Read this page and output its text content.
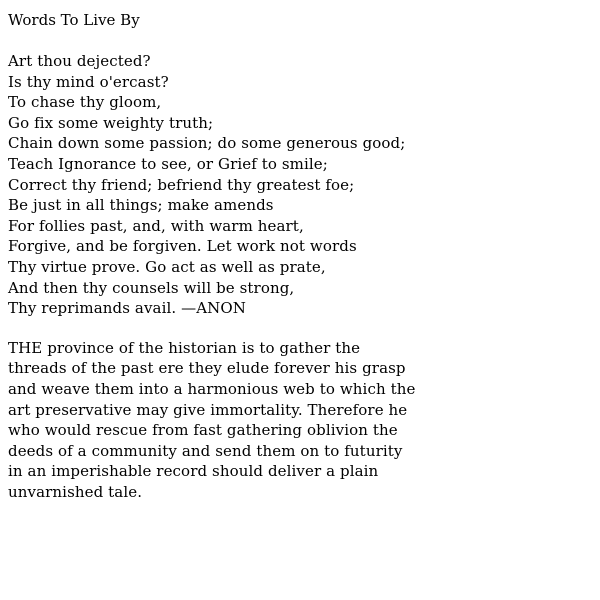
Words To Live By
Art thou dejected?
Is thy mind o'ercast?
To chase thy gloom,
Go fix some weighty truth;
Chain down some passion; do some generous good;
Teach Ignorance to see, or Grief to smile;
Correct thy friend; befriend thy greatest foe;
Be just in all things; make amends
For follies past, and, with warm heart,
Forgive, and be forgiven. Let work not words
Thy virtue prove. Go act as well as prate,
And then thy counsels will be strong,
Thy reprimands avail. —ANON
THE province of the historian is to gather the
threads of the past ere they elude forever his grasp
and weave them into a harmonious web to which the
art preservative may give immortality. Therefore he
who would rescue from fast gathering oblivion the
deeds of a community and send them on to futurity
in an imperishable record should deliver a plain
unvarnished tale.
